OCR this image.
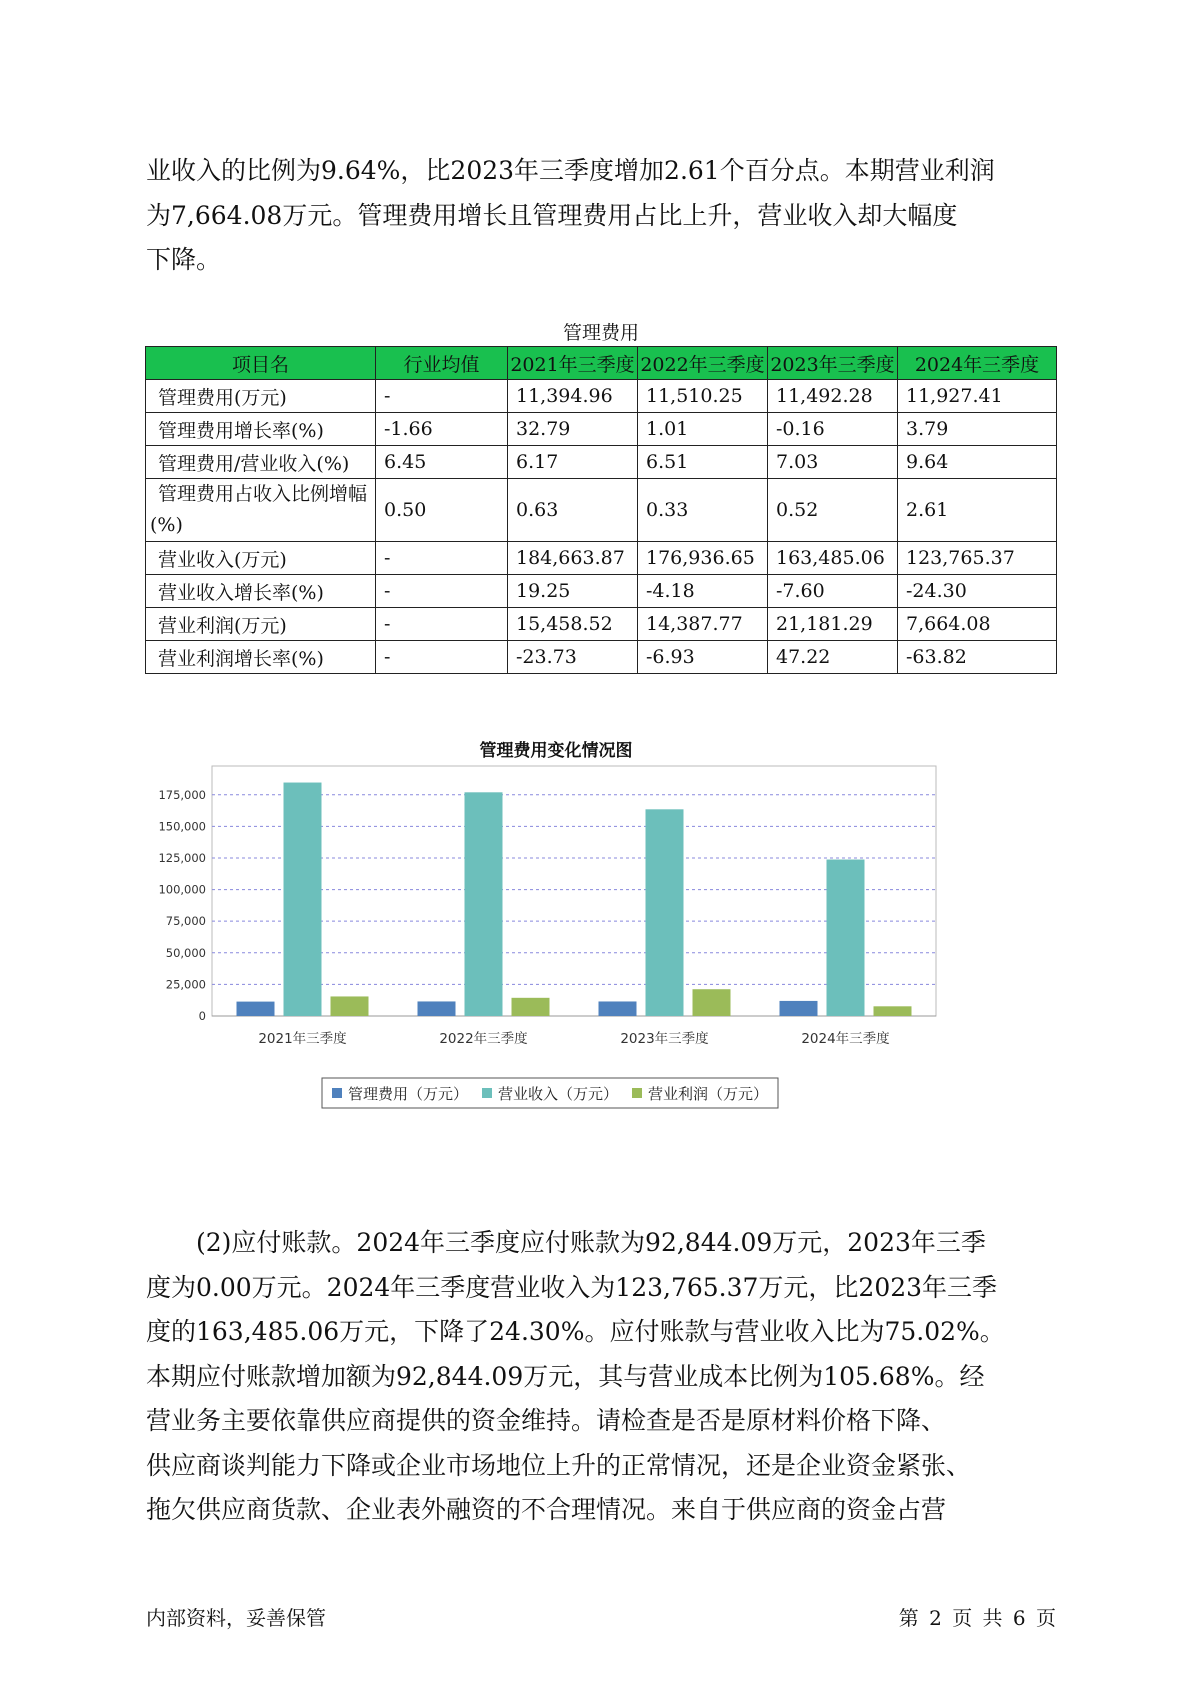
业收入的比例为9.64%，比2023年三季度增加2.61个百分点。本期营业利润
为7,664.08万元。管理费用增长且管理费用占比上升，营业收入却大幅度
下降。
管理费用
项目名	行业均值	2021年三季度	2022年三季度	2023年三季度	2024年三季度
管理费用(万元)	-	11,394.96	11,510.25	11,492.28	11,927.41
管理费用增长率(%)	-1.66	32.79	1.01	-0.16	3.79
管理费用/营业收入(%)	6.45	6.17	6.51	7.03	9.64
管理费用占收入比例增幅(%)	0.50	0.63	0.33	0.52	2.61
营业收入(万元)	-	184,663.87	176,936.65	163,485.06	123,765.37
营业收入增长率(%)	-	19.25	-4.18	-7.60	-24.30
营业利润(万元)	-	15,458.52	14,387.77	21,181.29	7,664.08
营业利润增长率(%)	-	-23.73	-6.93	47.22	-63.82
管理费用变化情况图
0
25,000
50,000
75,000
100,000
125,000
150,000
175,000
2021年三季度	2022年三季度	2023年三季度	2024年三季度
管理费用（万元） 营业收入（万元） 营业利润（万元）
(2)应付账款。2024年三季度应付账款为92,844.09万元，2023年三季
度为0.00万元。2024年三季度营业收入为123,765.37万元，比2023年三季
度的163,485.06万元，下降了24.30%。应付账款与营业收入比为75.02%。
本期应付账款增加额为92,844.09万元，其与营业成本比例为105.68%。经
营业务主要依靠供应商提供的资金维持。请检查是否是原材料价格下降、
供应商谈判能力下降或企业市场地位上升的正常情况，还是企业资金紧张、
拖欠供应商货款、企业表外融资的不合理情况。来自于供应商的资金占营
内部资料，妥善保管	第 2 页 共 6 页
